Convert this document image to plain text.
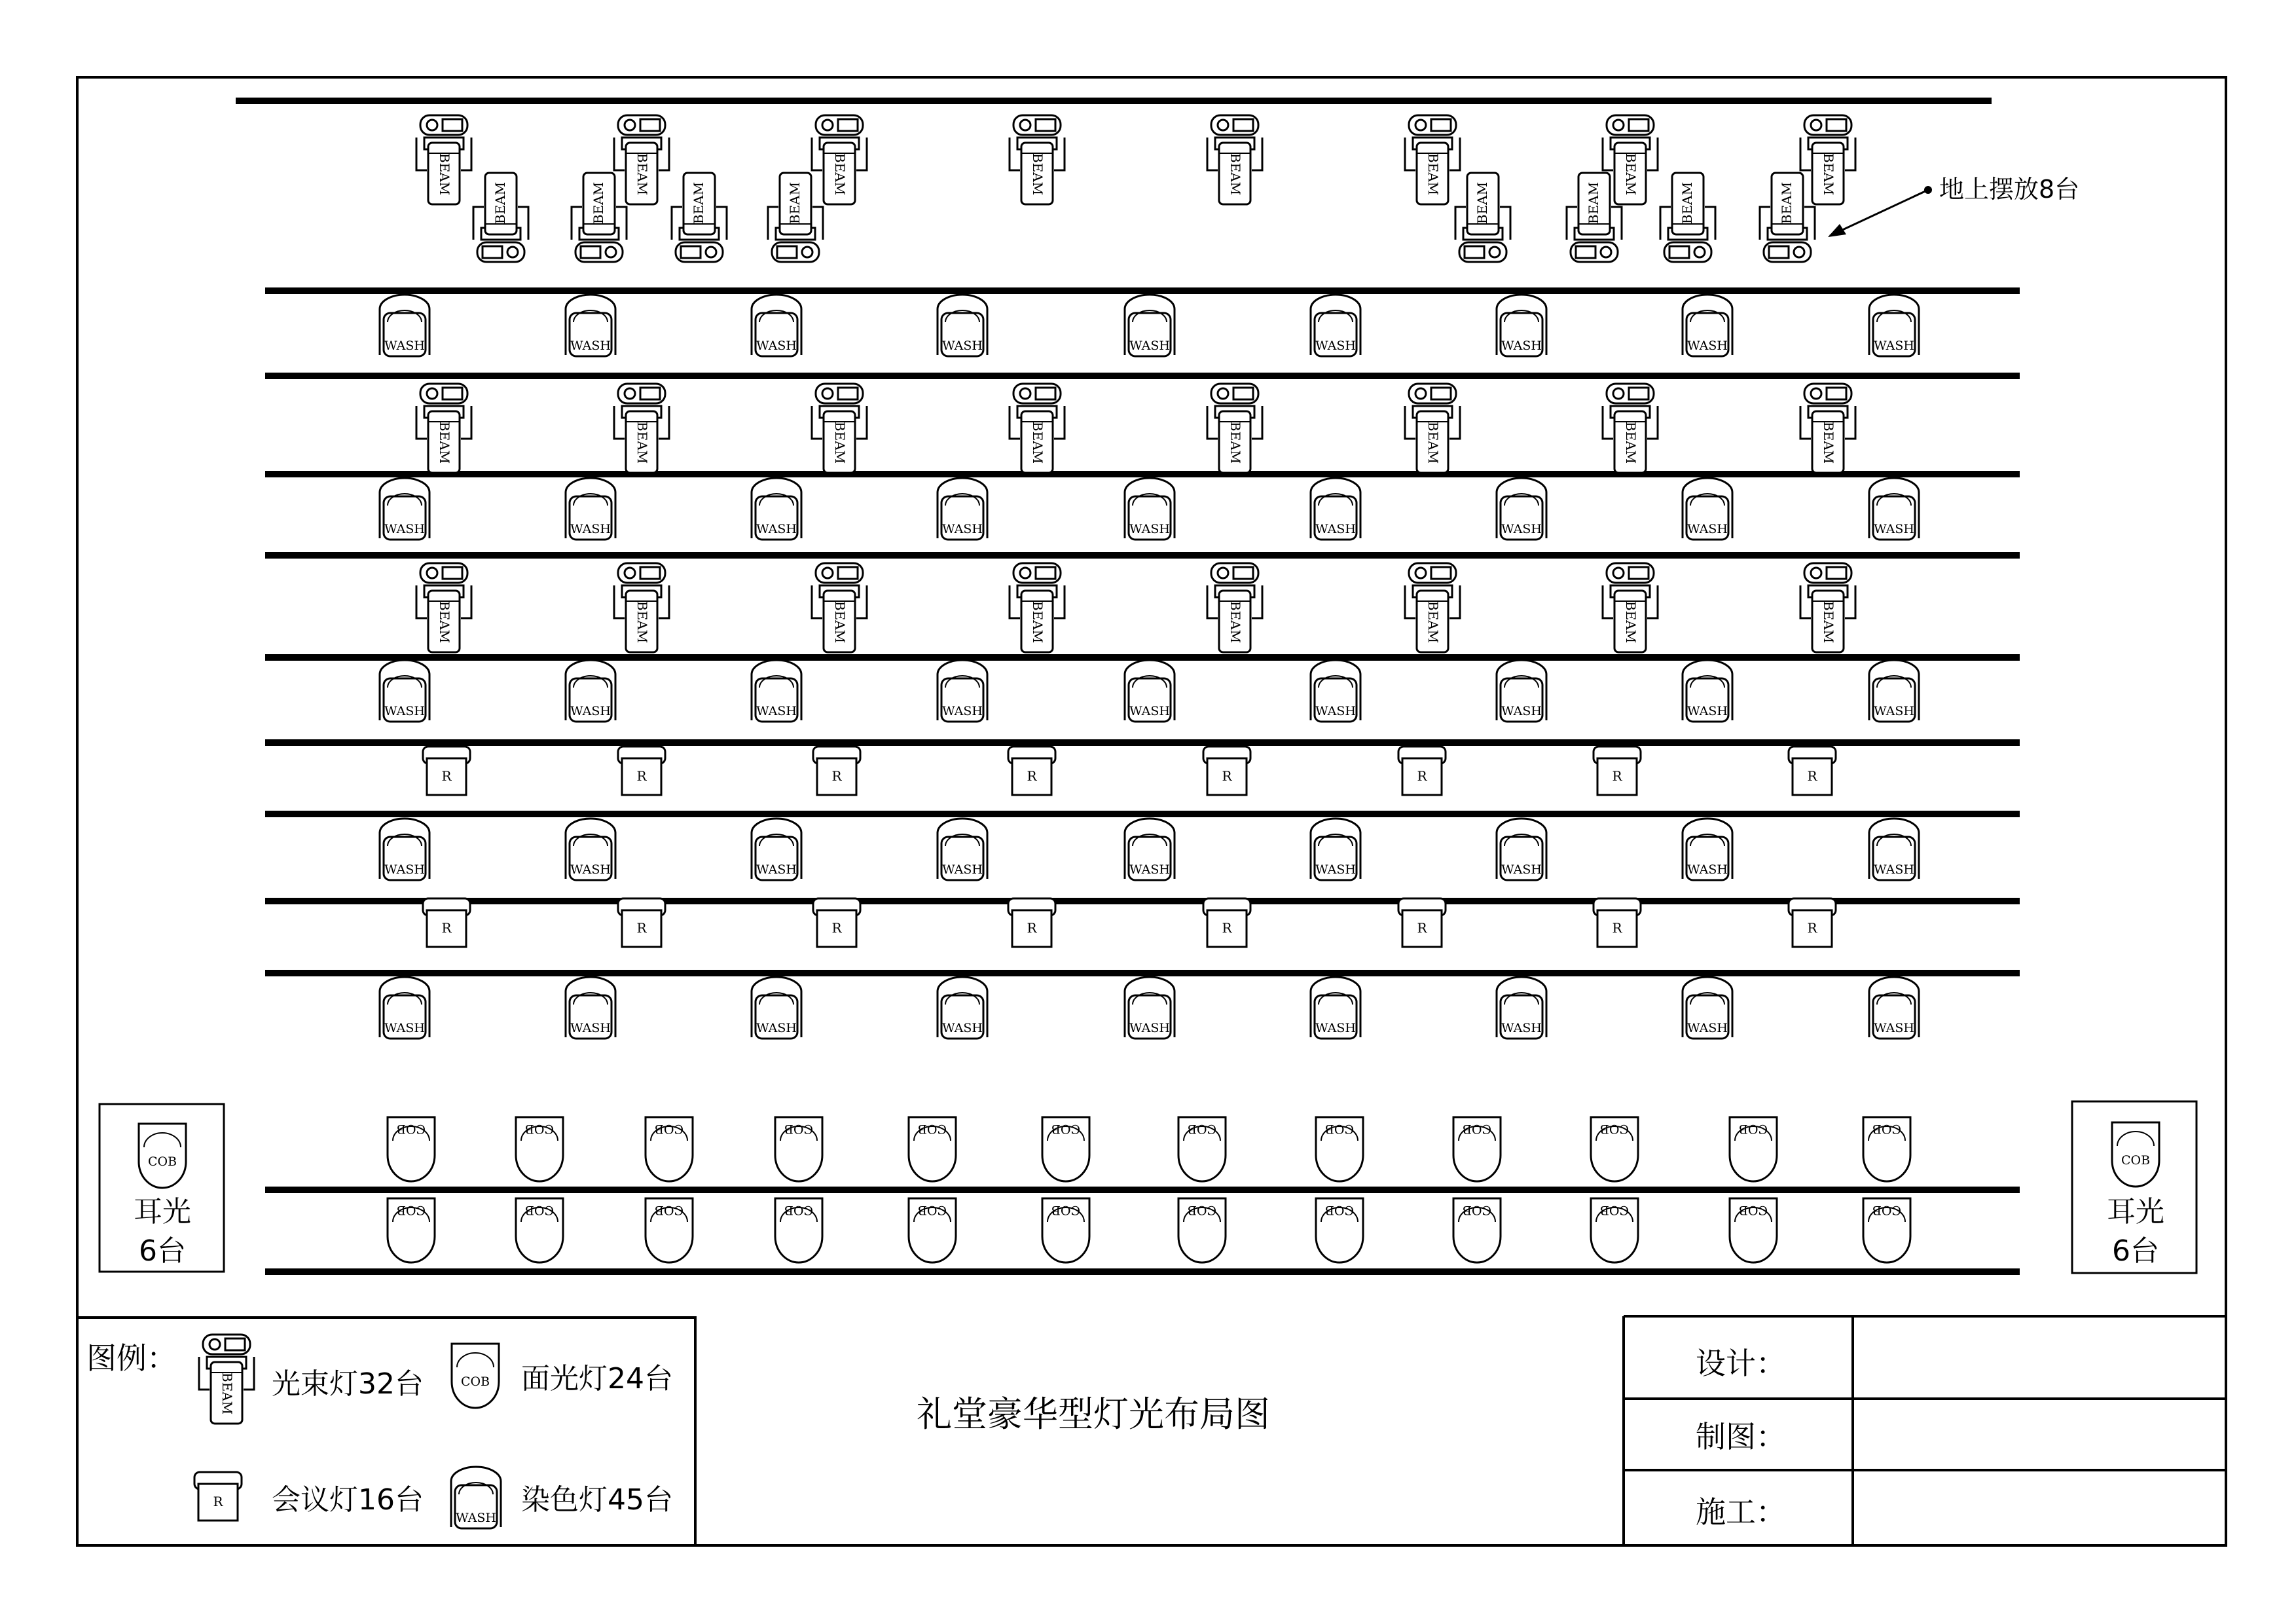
BEAM	BEAM	BEAM	BEAM	BEAM	BEAM	BEAM	BEAM
BEAM	BEAM	BEAM	BEAM	BEAM	BEAM	BEAM	BEAM
BEAM	BEAM	BEAM	BEAM	BEAM	BEAM	BEAM	BEAM
BEAM	BEAM	BEAM	BEAM	BEAM	BEAM	BEAM	BEAM
WASH	WASH	WASH	WASH	WASH	WASH	WASH	WASH	WASH
WASH	WASH	WASH	WASH	WASH	WASH	WASH	WASH	WASH
WASH	WASH	WASH	WASH	WASH	WASH	WASH	WASH	WASH
WASH	WASH	WASH	WASH	WASH	WASH	WASH	WASH	WASH
WASH	WASH	WASH	WASH	WASH	WASH	WASH	WASH	WASH
R	R	R	R	R	R	R	R
R	R	R	R	R	R	R	R
COB	COB	COB	COB	COB	COB	COB	COB	COB	COB	COB	COB
COB	COB	COB	COB	COB	COB	COB	COB	COB	COB	COB	COB
COB	COB
地上摆放8台
耳光
6台
耳光
6台
图例：
BEAM 光束灯32台	COB 面光灯24台
R 会议灯16台
WASH
染色灯45台
礼堂豪华型灯光布局图
设计：
制图：
施工：
